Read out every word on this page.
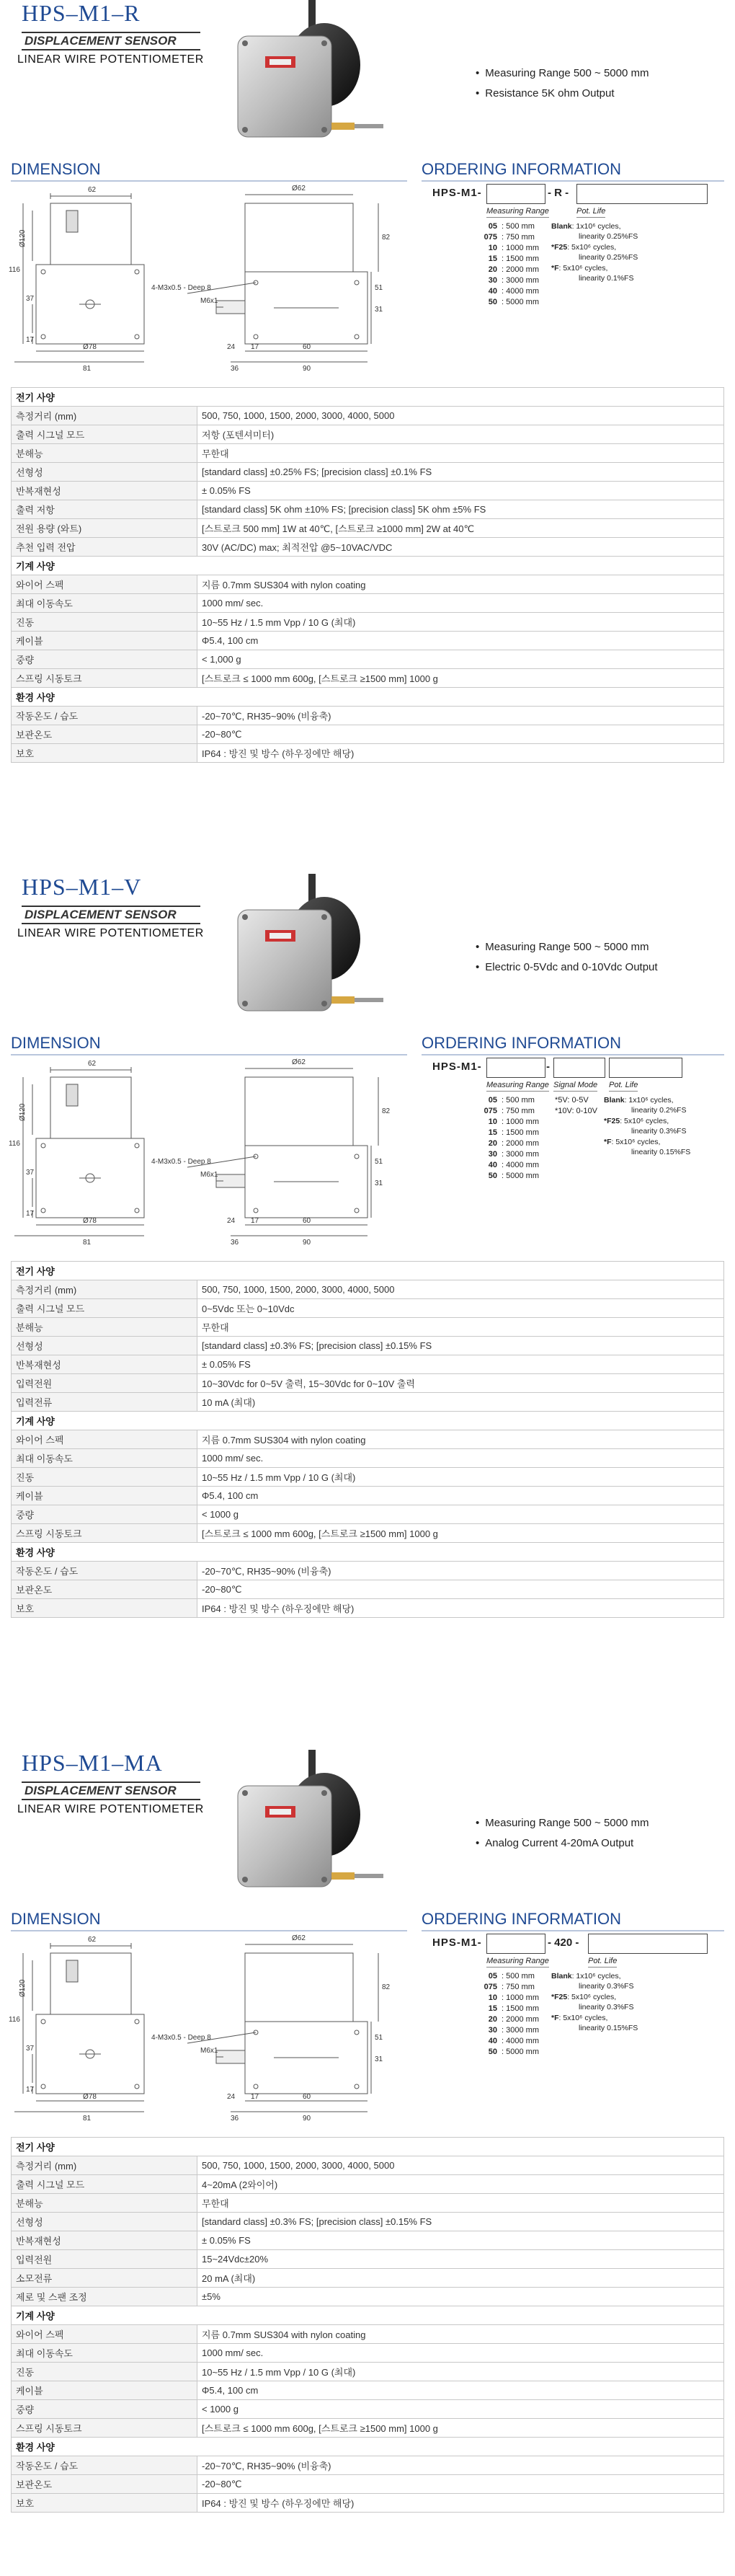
HPS–M1–R
DISPLACEMENT SENSOR
LINEAR WIRE POTENTIOMETER
• Measuring Range 500 ~ 5000 mm
• Resistance 5K ohm Output
DIMENSION	ORDERING INFORMATION
62
Ø120
116
37
17
Ø78
81
4-M3x0.5 - Deep 8
M6x1
Ø62
82
51
31
17	60
24
36	90
HPS-M1-	- R -
Measuring Range	Pot. Life
05 : 500 mm
075 : 750 mm
10 : 1000 mm
15 : 1500 mm
20 : 2000 mm
30 : 3000 mm
40 : 4000 mm
50 : 5000 mm
Blank: 1x10⁶ cycles,
linearity 0.25%FS
*F25: 5x10⁶ cycles,
linearity 0.25%FS
*F: 5x10⁶ cycles,
linearity 0.1%FS
전기 사양	
측정거리 (mm)	500, 750, 1000, 1500, 2000, 3000, 4000, 5000
출력 시그널 모드	저항 (포텐셔미터)
분해능	무한대
선형성	[standard class] ±0.25% FS; [precision class] ±0.1% FS
반복재현성	± 0.05% FS
출력 저항	[standard class] 5K ohm ±10% FS; [precision class] 5K ohm ±5% FS
전원 용량 (와트)	[스트로크 500 mm] 1W at 40℃, [스트로크 ≥1000 mm] 2W at 40℃
추천 입력 전압	30V (AC/DC) max; 최적전압 @5~10VAC/VDC
기계 사양	
와이어 스펙	지름 0.7mm SUS304 with nylon coating
최대 이동속도	1000 mm/ sec.
진동	10~55 Hz / 1.5 mm Vpp / 10 G (최대)
케이블	Φ5.4, 100 cm
중량	< 1,000 g
스프링 시동토크	[스트로크 ≤ 1000 mm 600g, [스트로크 ≥1500 mm] 1000 g
환경 사양	
작동온도 / 습도	-20~70℃, RH35~90% (비융축)
보관온도	-20~80℃
보호	IP64 : 방진 및 방수 (하우징에만 해당)
HPS–M1–V
DISPLACEMENT SENSOR
LINEAR WIRE POTENTIOMETER
• Measuring Range 500 ~ 5000 mm
• Electric 0-5Vdc and 0-10Vdc Output
DIMENSION	ORDERING INFORMATION
62
Ø120
116
37
17
Ø78
81
4-M3x0.5 - Deep 8
M6x1
Ø62
82
51
31
17	60
24
36	90
HPS-M1-	-
Measuring Range Signal Mode Pot. Life
05 : 500 mm
075 : 750 mm
10 : 1000 mm
15 : 1500 mm
20 : 2000 mm
30 : 3000 mm
40 : 4000 mm
50 : 5000 mm
*5V: 0-5V
*10V: 0-10V
Blank: 1x10⁶ cycles,
linearity 0.2%FS
*F25: 5x10⁶ cycles,
linearity 0.3%FS
*F: 5x10⁶ cycles,
linearity 0.15%FS
전기 사양	
측정거리 (mm)	500, 750, 1000, 1500, 2000, 3000, 4000, 5000
출력 시그널 모드	0~5Vdc 또는 0~10Vdc
분해능	무한대
선형성	[standard class] ±0.3% FS; [precision class] ±0.15% FS
반복재현성	± 0.05% FS
입력전원	10~30Vdc for 0~5V 출력, 15~30Vdc for 0~10V 출력
입력전류	10 mA (최대)
기계 사양	
와이어 스펙	지름 0.7mm SUS304 with nylon coating
최대 이동속도	1000 mm/ sec.
진동	10~55 Hz / 1.5 mm Vpp / 10 G (최대)
케이블	Φ5.4, 100 cm
중량	< 1000 g
스프링 시동토크	[스트로크 ≤ 1000 mm 600g, [스트로크 ≥1500 mm] 1000 g
환경 사양	
작동온도 / 습도	-20~70℃, RH35~90% (비융축)
보관온도	-20~80℃
보호	IP64 : 방진 및 방수 (하우징에만 해당)
HPS–M1–MA
DISPLACEMENT SENSOR
LINEAR WIRE POTENTIOMETER
• Measuring Range 500 ~ 5000 mm
• Analog Current 4-20mA Output
DIMENSION	ORDERING INFORMATION
62
Ø120
116
37
17
Ø78
81
4-M3x0.5 - Deep 8
M6x1
Ø62
82
51
31
17	60
24
36	90
HPS-M1-	- 420 -
Measuring Range	Pot. Life
05 : 500 mm
075 : 750 mm
10 : 1000 mm
15 : 1500 mm
20 : 2000 mm
30 : 3000 mm
40 : 4000 mm
50 : 5000 mm
Blank: 1x10⁶ cycles,
linearity 0.3%FS
*F25: 5x10⁶ cycles,
linearity 0.3%FS
*F: 5x10⁶ cycles,
linearity 0.15%FS
전기 사양	
측정거리 (mm)	500, 750, 1000, 1500, 2000, 3000, 4000, 5000
출력 시그널 모드	4~20mA (2와이어)
분해능	무한대
선형성	[standard class] ±0.3% FS; [precision class] ±0.15% FS
반복재현성	± 0.05% FS
입력전원	15~24Vdc±20%
소모전류	20 mA (최대)
제로 및 스팬 조정	±5%
기계 사양	
와이어 스펙	지름 0.7mm SUS304 with nylon coating
최대 이동속도	1000 mm/ sec.
진동	10~55 Hz / 1.5 mm Vpp / 10 G (최대)
케이블	Φ5.4, 100 cm
중량	< 1000 g
스프링 시동토크	[스트로크 ≤ 1000 mm 600g, [스트로크 ≥1500 mm] 1000 g
환경 사양	
작동온도 / 습도	-20~70℃, RH35~90% (비융축)
보관온도	-20~80℃
보호	IP64 : 방진 및 방수 (하우징에만 해당)
